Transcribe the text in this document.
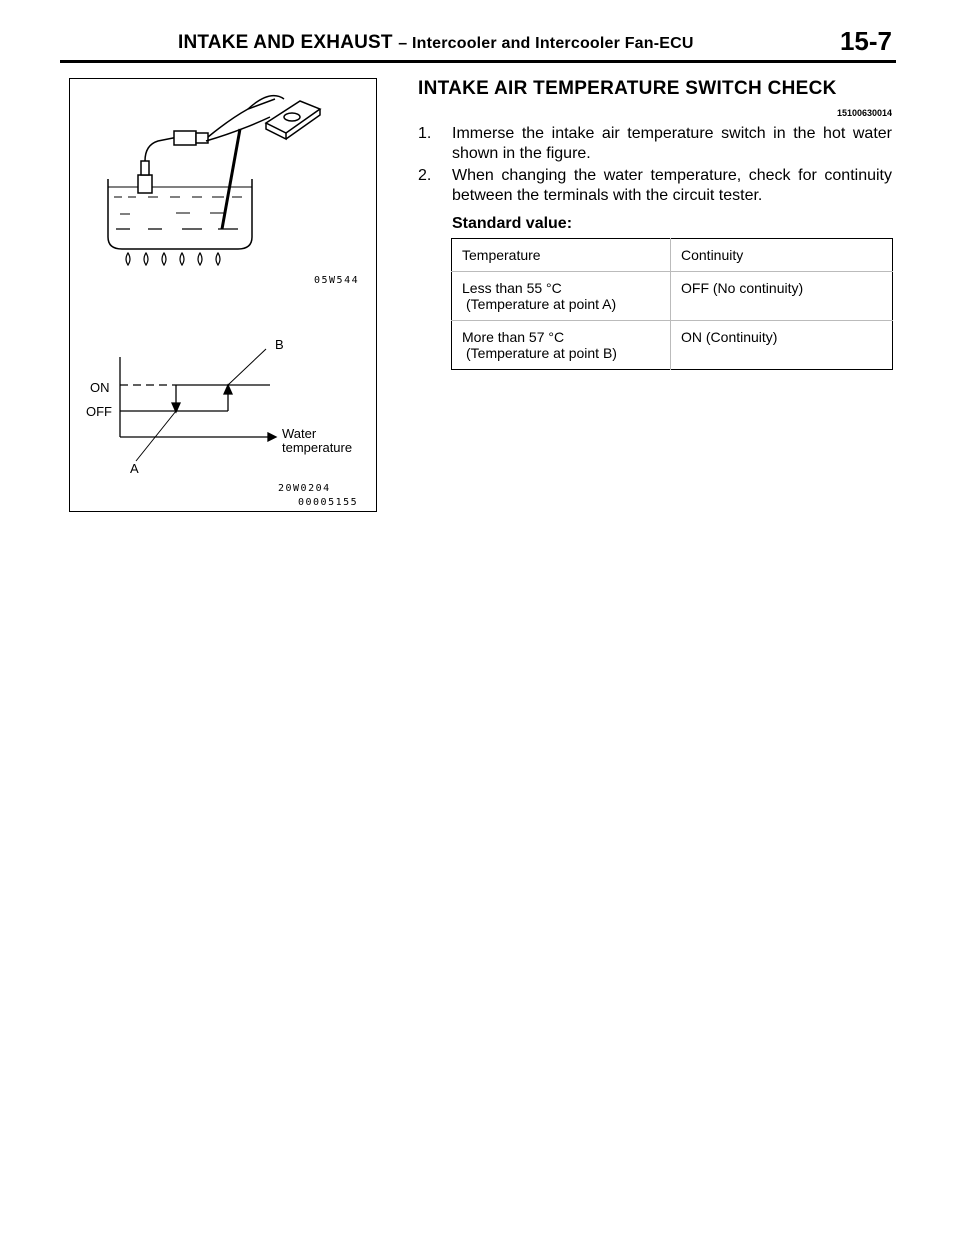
INTAKE AND EXHAUST – Intercooler and Intercooler Fan-ECU	15-7
05W544
B
ON
OFF
Water
temperature
A
20W0204
00005155
INTAKE AIR TEMPERATURE SWITCH CHECK
15100630014
1. Immerse the intake air temperature switch in the hot water shown in the figure.
2. When changing the water temperature, check for continuity between the terminals with the circuit tester.
Standard value:
Temperature	Continuity

Less than 55 °C
(Temperature at point A)	OFF (No continuity)

More than 57 °C
(Temperature at point B)	ON (Continuity)
